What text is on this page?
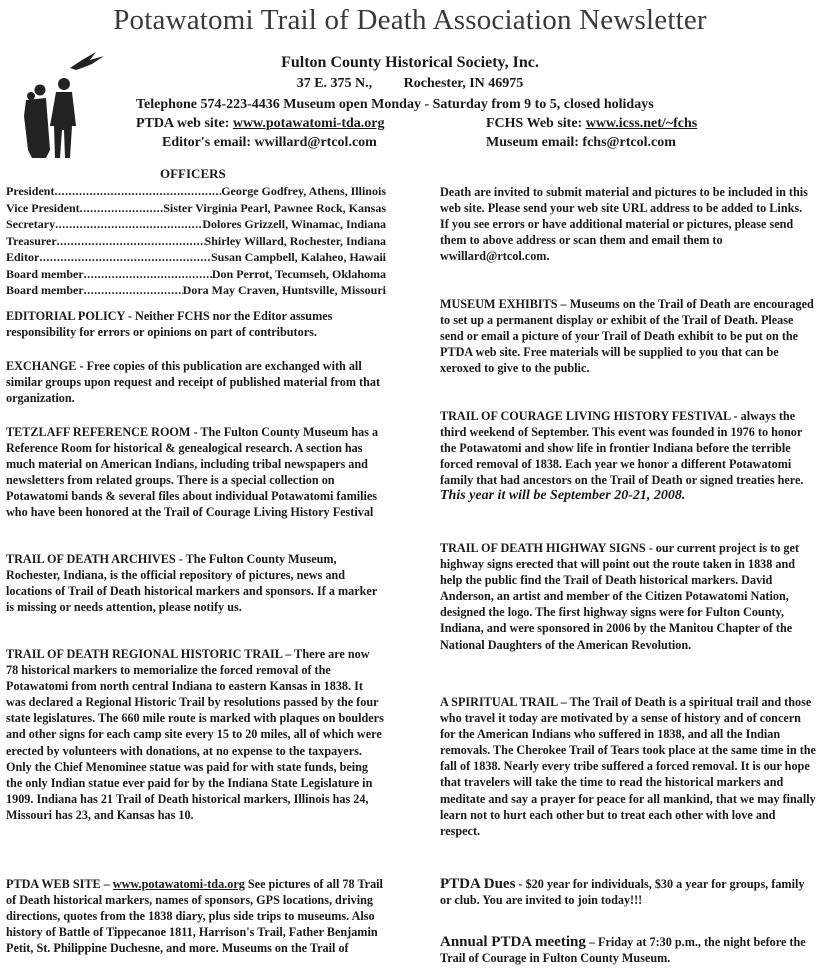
Potawatomi Trail of Death Association Newsletter
Fulton County Historical Society, Inc.
37 E. 375 N., Rochester, IN 46975
Telephone 574-223-4436 Museum open Monday - Saturday from 9 to 5, closed holidays
PTDA web site: www.potawatomi-tda.org	FCHS Web site: www.icss.net/~fchs
Editor's email: wwillard@rtcol.com	Museum email: fchs@rtcol.com
OFFICERS
President .....	George Godfrey, Athens, Illinois
Vice President .....	Sister Virginia Pearl, Pawnee Rock, Kansas
Secretary .....	Dolores Grizzell, Winamac, Indiana
Treasurer .....	Shirley Willard, Rochester, Indiana
Editor .....	Susan Campbell, Kalaheo, Hawaii
Board member .....	Don Perrot, Tecumseh, Oklahoma
Board member .....	Dora May Craven, Huntsville, Missouri

EDITORIAL POLICY - Neither FCHS nor the Editor assumes responsibility for errors or opinions on part of contributors.

EXCHANGE - Free copies of this publication are exchanged with all similar groups upon request and receipt of published material from that organization.

TETZLAFF REFERENCE ROOM - The Fulton County Museum has a Reference Room for historical & genealogical research. A section has much material on American Indians, including tribal newspapers and newsletters from related groups. There is a special collection on Potawatomi bands & several files about individual Potawatomi families who have been honored at the Trail of Courage Living History Festival

TRAIL OF DEATH ARCHIVES - The Fulton County Museum, Rochester, Indiana, is the official repository of pictures, news and locations of Trail of Death historical markers and sponsors. If a marker is missing or needs attention, please notify us.

TRAIL OF DEATH REGIONAL HISTORIC TRAIL – There are now 78 historical markers to memorialize the forced removal of the Potawatomi from north central Indiana to eastern Kansas in 1838. It was declared a Regional Historic Trail by resolutions passed by the four state legislatures. The 660 mile route is marked with plaques on boulders and other signs for each camp site every 15 to 20 miles, all of which were erected by volunteers with donations, at no expense to the taxpayers. Only the Chief Menominee statue was paid for with state funds, being the only Indian statue ever paid for by the Indiana State Legislature in 1909. Indiana has 21 Trail of Death historical markers, Illinois has 24, Missouri has 23, and Kansas has 10.

PTDA WEB SITE – www.potawatomi-tda.org See pictures of all 78 Trail of Death historical markers, names of sponsors, GPS locations, driving directions, quotes from the 1838 diary, plus side trips to museums. Also history of Battle of Tippecanoe 1811, Harrison's Trail, Father Benjamin Petit, St. Philippine Duchesne, and more. Museums on the Trail of

Death are invited to submit material and pictures to be included in this web site. Please send your web site URL address to be added to Links.

If you see errors or have additional material or pictures, please send them to above address or scan them and email them to wwillard@rtcol.com.

MUSEUM EXHIBITS – Museums on the Trail of Death are encouraged to set up a permanent display or exhibit of the Trail of Death. Please send or email a picture of your Trail of Death exhibit to be put on the PTDA web site. Free materials will be supplied to you that can be xeroxed to give to the public.

TRAIL OF COURAGE LIVING HISTORY FESTIVAL - always the third weekend of September. This event was founded in 1976 to honor the Potawatomi and show life in frontier Indiana before the terrible forced removal of 1838. Each year we honor a different Potawatomi family that had ancestors on the Trail of Death or signed treaties here.

This year it will be September 20-21, 2008.

TRAIL OF DEATH HIGHWAY SIGNS - our current project is to get highway signs erected that will point out the route taken in 1838 and help the public find the Trail of Death historical markers. David Anderson, an artist and member of the Citizen Potawatomi Nation, designed the logo. The first highway signs were for Fulton County, Indiana, and were sponsored in 2006 by the Manitou Chapter of the National Daughters of the American Revolution.

A SPIRITUAL TRAIL – The Trail of Death is a spiritual trail and those who travel it today are motivated by a sense of history and of concern for the American Indians who suffered in 1838, and all the Indian removals. The Cherokee Trail of Tears took place at the same time in the fall of 1838. Nearly every tribe suffered a forced removal. It is our hope that travelers will take the time to read the historical markers and meditate and say a prayer for peace for all mankind, that we may finally learn not to hurt each other but to treat each other with love and respect.

PTDA Dues - $20 year for individuals, $30 a year for groups, family or club. You are invited to join today!!!

Annual PTDA meeting – Friday at 7:30 p.m., the night before the Trail of Courage in Fulton County Museum.
